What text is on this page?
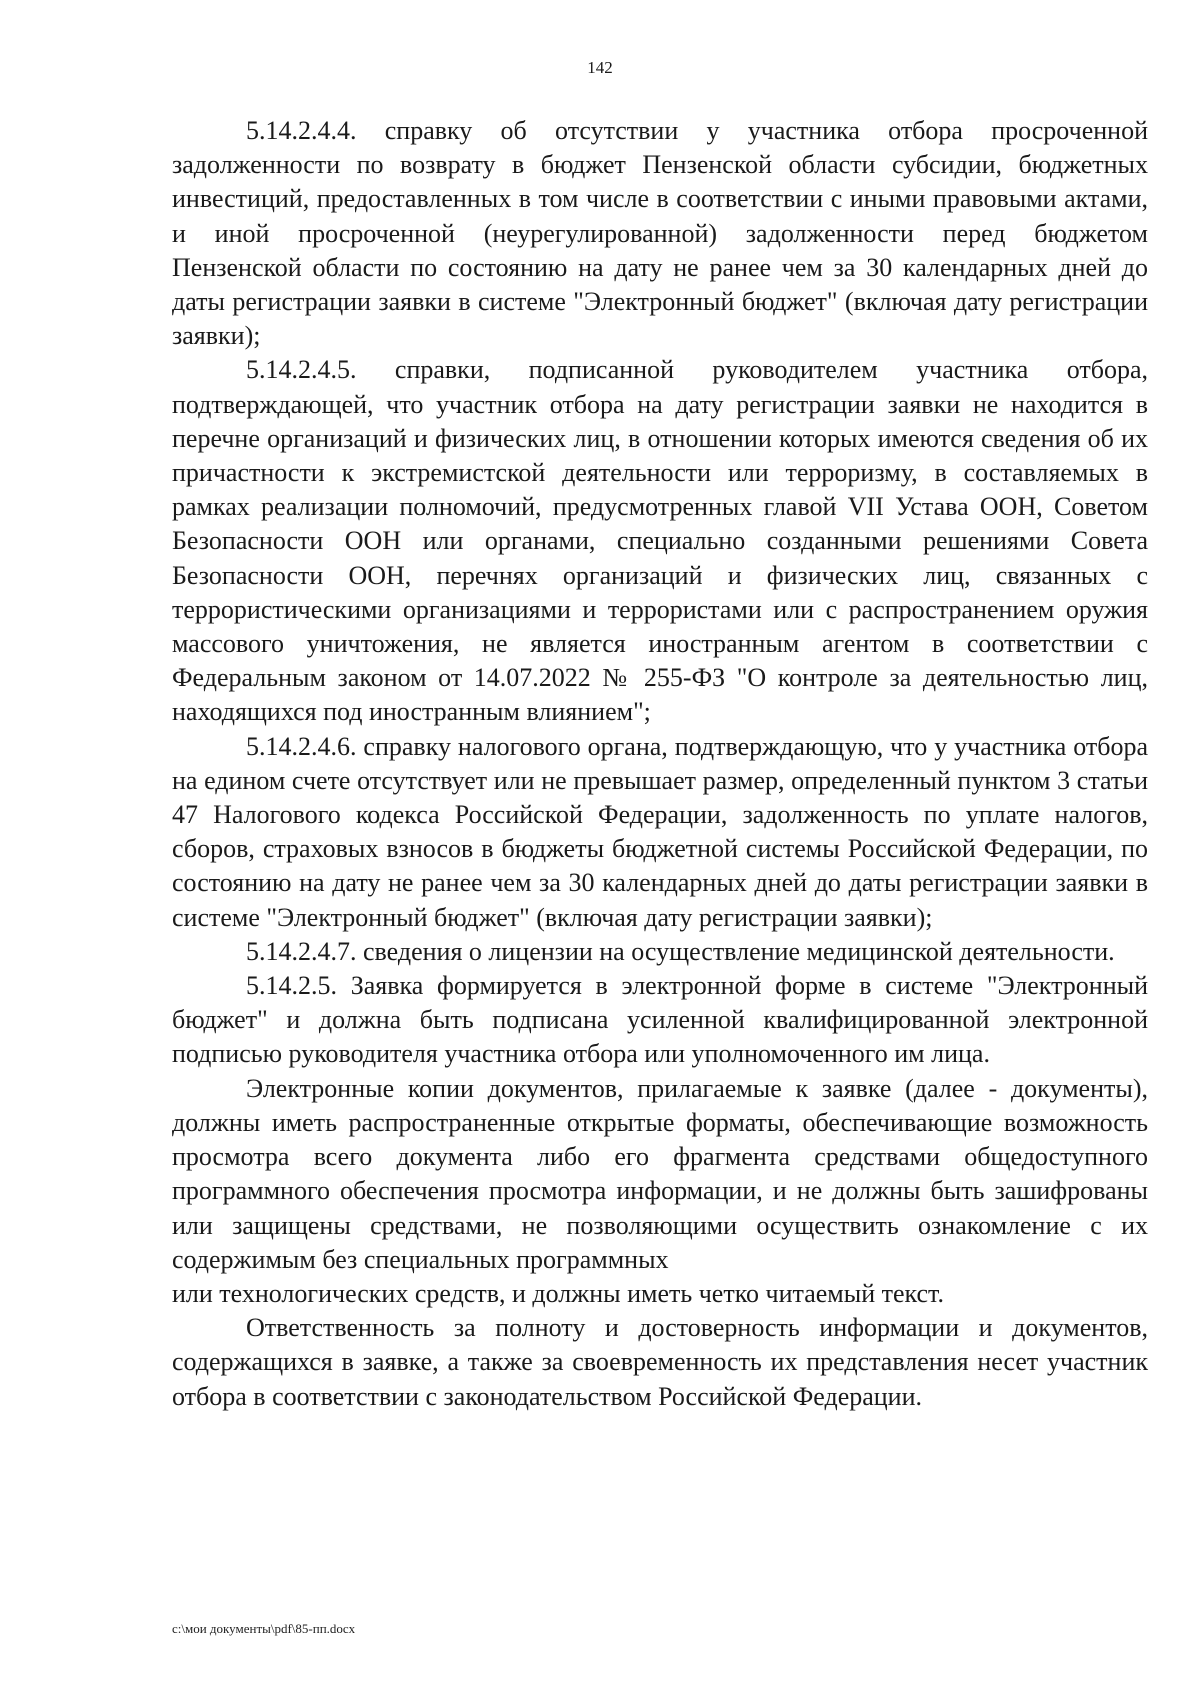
142

5.14.2.4.4. справку об отсутствии у участника отбора просроченной задолженности по возврату в бюджет Пензенской области субсидии, бюджетных инвестиций, предоставленных в том числе в соответствии с иными правовыми актами, и иной просроченной (неурегулированной) задолженности перед бюджетом Пензенской области по состоянию на дату не ранее чем за 30 календарных дней до даты регистрации заявки в системе "Электронный бюджет" (включая дату регистрации заявки);

5.14.2.4.5. справки, подписанной руководителем участника отбора, подтверждающей, что участник отбора на дату регистрации заявки не находится в перечне организаций и физических лиц, в отношении которых имеются сведения об их причастности к экстремистской деятельности или терроризму, в составляемых в рамках реализации полномочий, предусмотренных главой VII Устава ООН, Советом Безопасности ООН или органами, специально созданными решениями Совета Безопасности ООН, перечнях организаций и физических лиц, связанных с террористическими организациями и террористами или с распространением оружия массового уничтожения, не является иностранным агентом в соответствии с Федеральным законом от 14.07.2022 № 255-ФЗ "О контроле за деятельностью лиц, находящихся под иностранным влиянием";

5.14.2.4.6. справку налогового органа, подтверждающую, что у участника отбора на едином счете отсутствует или не превышает размер, определенный пунктом 3 статьи 47 Налогового кодекса Российской Федерации, задолженность по уплате налогов, сборов, страховых взносов в бюджеты бюджетной системы Российской Федерации, по состоянию на дату не ранее чем за 30 календарных дней до даты регистрации заявки в системе "Электронный бюджет" (включая дату регистрации заявки);

5.14.2.4.7. сведения о лицензии на осуществление медицинской деятельности.

5.14.2.5. Заявка формируется в электронной форме в системе "Электронный бюджет" и должна быть подписана усиленной квалифицированной электронной подписью руководителя участника отбора или уполномоченного им лица.

Электронные копии документов, прилагаемые к заявке (далее - документы), должны иметь распространенные открытые форматы, обеспечивающие возможность просмотра всего документа либо его фрагмента средствами общедоступного программного обеспечения просмотра информации, и не должны быть зашифрованы или защищены средствами, не позволяющими осуществить ознакомление с их содержимым без специальных программных

или технологических средств, и должны иметь четко читаемый текст.

Ответственность за полноту и достоверность информации и документов, содержащихся в заявке, а также за своевременность их представления несет участник отбора в соответствии с законодательством Российской Федерации.

c:\мои документы\pdf\85-пп.docx
